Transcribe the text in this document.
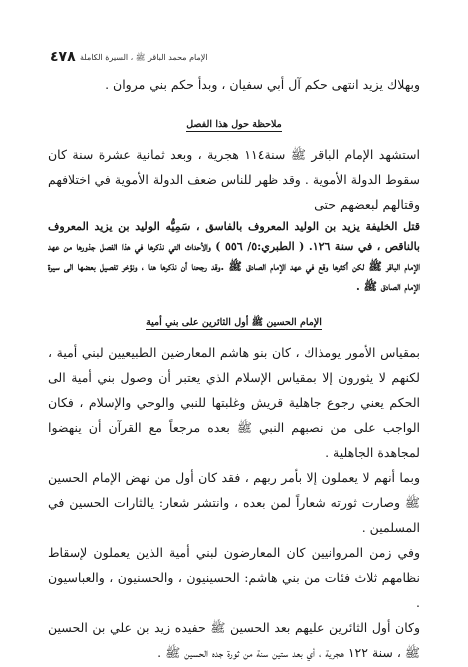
٤٧٨ الإمام محمد الباقر ﷺ ، السيرة الكاملة

وبهلاك يزيد انتهى حكم آل أبي سفيان ، وبدأ حكم بني مروان .

ملاحظة حول هذا الفصل

استشهد الإمام الباقر ﷺ سنة١١٤ هجرية ، وبعد ثمانية عشرة سنة كان سقوط الدولة الأموية . وقد ظهر للناس ضعف الدولة الأموية في اختلافهم وقتالهم لبعضهم حتى

قتل الخليفة يزيد بن الوليد المعروف بالفاسق ، سَمِيُّه الوليد بن يزيد المعروف بالناقص ، في سنة ١٢٦. ( الطبري:٥/ ٥٥٦ ) والأحداث التي نذكرها في هذا الفصل جذورها من عهد الإمام الباقر ﷺ لكن أكثرها وقع في عهد الإمام الصادق ﷺ .وقد رجحنا أن نذكرها هنا ، ونؤخر تفصيل بعضها الى سيرة الإمام الصادق ﷺ .

الإمام الحسين ﷺ أول الثائرين على بني أمية

بمقياس الأمور يومذاك ، كان بنو هاشم المعارضين الطبيعيين لبني أمية ، لكنهم لا يثورون إلا بمقياس الإسلام الذي يعتبر أن وصول بني أمية الى الحكم يعني رجوع جاهلية قريش وغلبتها للنبي والوحي والإسلام ، فكان الواجب على من نصبهم النبي ﷺ بعده مرجعاً مع القرآن أن ينهضوا لمجاهدة الجاهلية .

وبما أنهم لا يعملون إلا بأمر ربهم ، فقد كان أول من نهض الإمام الحسين ﷺ وصارت ثورته شعاراً لمن بعده ، وانتشر شعار: يالثارات الحسين في المسلمين .

وفي زمن المروانيين كان المعارضون لبني أمية الذين يعملون لإسقاط نظامهم ثلاث فئات من بني هاشم: الحسينيون ، والحسنيون ، والعباسيون .

وكان أول الثائرين عليهم بعد الحسين ﷺ حفيده زيد بن علي بن الحسين ﷺ ، سنة ١٢٢ هجرية ، أي بعد ستين سنة من ثورة جده الحسين ﷺ .
